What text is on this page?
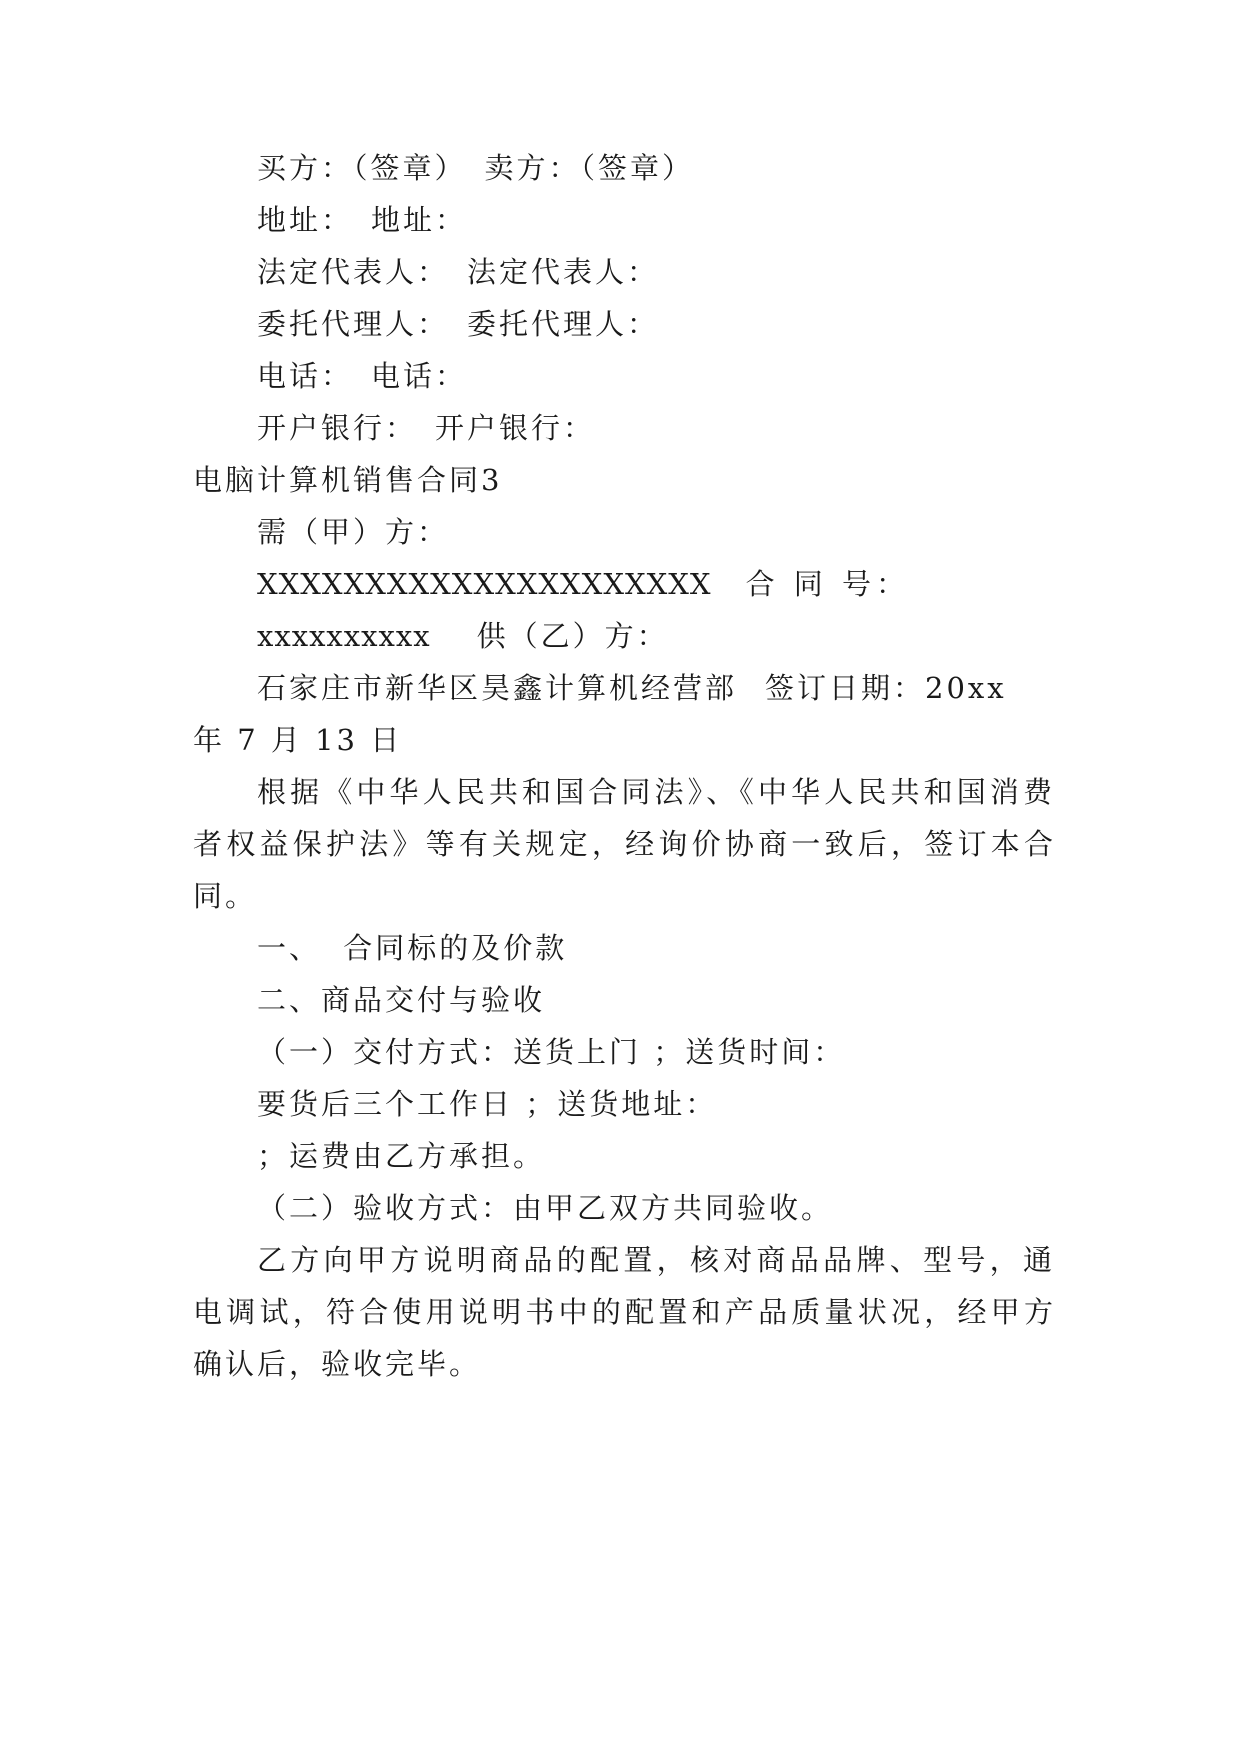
买方：（签章） 卖方：（签章）
地址： 地址：
法定代表人： 法定代表人：
委托代理人： 委托代理人：
电话： 电话：
开户银行： 开户银行：
电脑计算机销售合同3
需（甲）方：
XXXXXXXXXXXXXXXXXXXXX 合 同 号：
xxxxxxxxxx 供（乙）方：
石家庄市新华区昊鑫计算机经营部 签订日期：20xx
年 7 月 13 日
根据《中华人民共和国合同法》、《中华人民共和国消费
者权益保护法》等有关规定，经询价协商一致后，签订本合
同。
一、 合同标的及价款
二、商品交付与验收
（一）交付方式：送货上门 ；送货时间：
要货后三个工作日 ；送货地址：
；运费由乙方承担。
（二）验收方式：由甲乙双方共同验收。
乙方向甲方说明商品的配置，核对商品品牌、型号，通
电调试，符合使用说明书中的配置和产品质量状况，经甲方
确认后，验收完毕。
